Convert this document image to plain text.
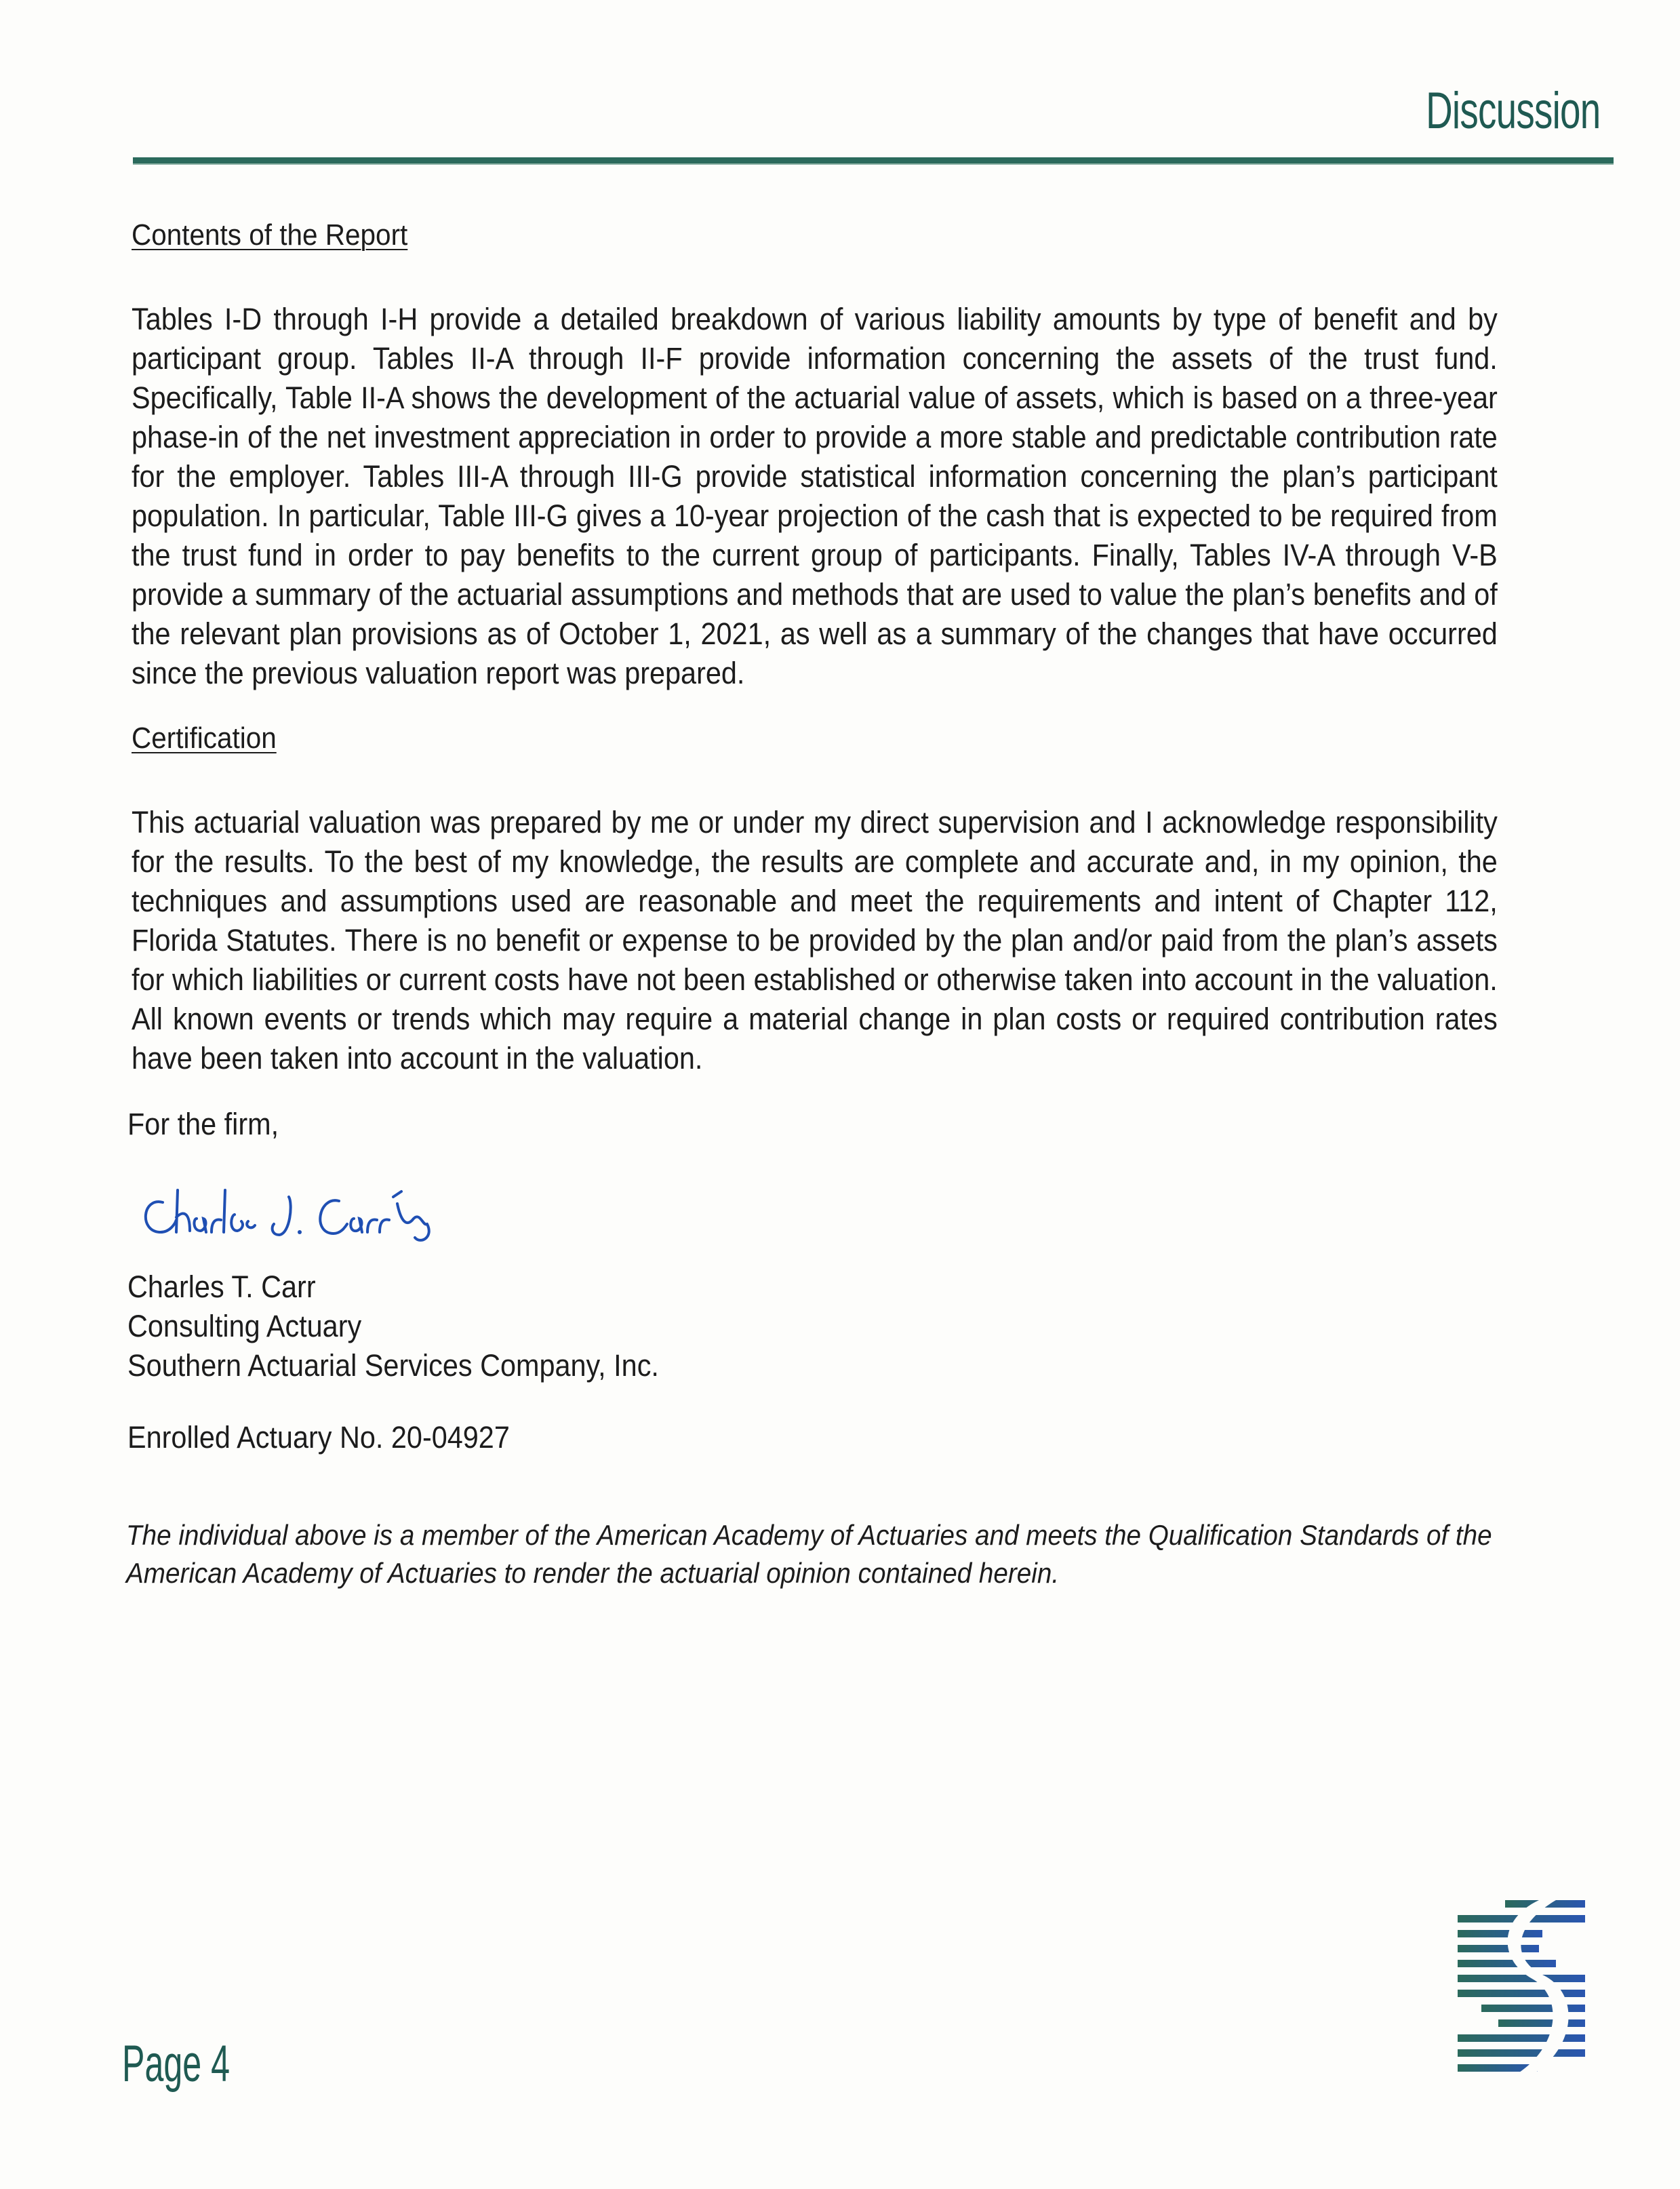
Discussion
Contents of the Report
Tables I-D through I-H provide a detailed breakdown of various liability amounts by type of benefit and by participant group. Tables II-A through II-F provide information concerning the assets of the trust fund. Specifically, Table II-A shows the development of the actuarial value of assets, which is based on a three-year phase-in of the net investment appreciation in order to provide a more stable and predictable contribution rate for the employer. Tables III-A through III-G provide statistical information concerning the plan’s participant population. In particular, Table III-G gives a 10-year projection of the cash that is expected to be required from the trust fund in order to pay benefits to the current group of participants. Finally, Tables IV-A through V-B provide a summary of the actuarial assumptions and methods that are used to value the plan’s benefits and of the relevant plan provisions as of October 1, 2021, as well as a summary of the changes that have occurred since the previous valuation report was prepared.
Certification
This actuarial valuation was prepared by me or under my direct supervision and I acknowledge responsibility for the results. To the best of my knowledge, the results are complete and accurate and, in my opinion, the techniques and assumptions used are reasonable and meet the requirements and intent of Chapter 112, Florida Statutes. There is no benefit or expense to be provided by the plan and/or paid from the plan’s assets for which liabilities or current costs have not been established or otherwise taken into account in the valuation. All known events or trends which may require a material change in plan costs or required contribution rates have been taken into account in the valuation.
For the firm,
Charles T. Carr
Consulting Actuary
Southern Actuarial Services Company, Inc.
Enrolled Actuary No. 20-04927
The individual above is a member of the American Academy of Actuaries and meets the Qualification Standards of the American Academy of Actuaries to render the actuarial opinion contained herein.
Page 4
